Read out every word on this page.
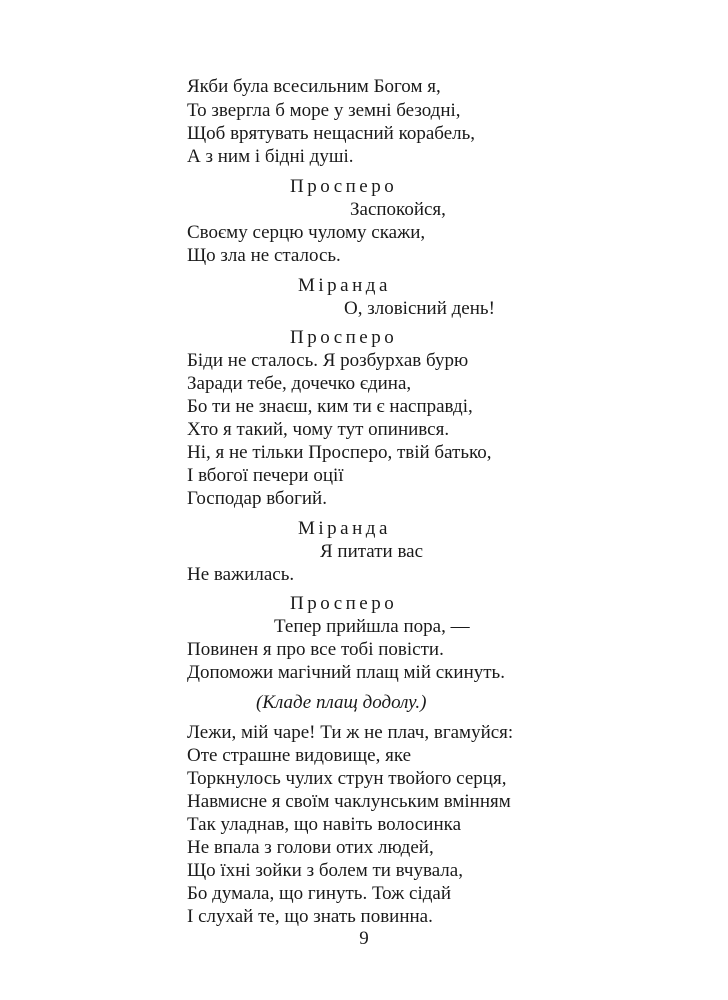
Якби була всесильним Богом я,
То звергла б море у земні безодні,
Щоб врятувать нещасний корабель,
А з ним і бідні душі.
Просперо
Заспокойся,
Своєму серцю чулому скажи,
Що зла не сталось.
Міранда
О, зловісний день!
Просперо
Біди не сталось. Я розбурхав бурю
Заради тебе, дочечко єдина,
Бо ти не знаєш, ким ти є насправді,
Хто я такий, чому тут опинився.
Ні, я не тільки Просперо, твій батько,
І вбогої печери оції
Господар вбогий.
Міранда
Я питати вас
Не важилась.
Просперо
Тепер прийшла пора, —
Повинен я про все тобі повісти.
Допоможи магічний плащ мій скинуть.
(Кладе плащ додолу.)
Лежи, мій чаре! Ти ж не плач, вгамуйся:
Оте страшне видовище, яке
Торкнулось чулих струн твойого серця,
Навмисне я своїм чаклунським вмінням
Так уладнав, що навіть волосинка
Не впала з голови отих людей,
Що їхні зойки з болем ти вчувала,
Бо думала, що гинуть. Тож сідай
І слухай те, що знать повинна.
9
